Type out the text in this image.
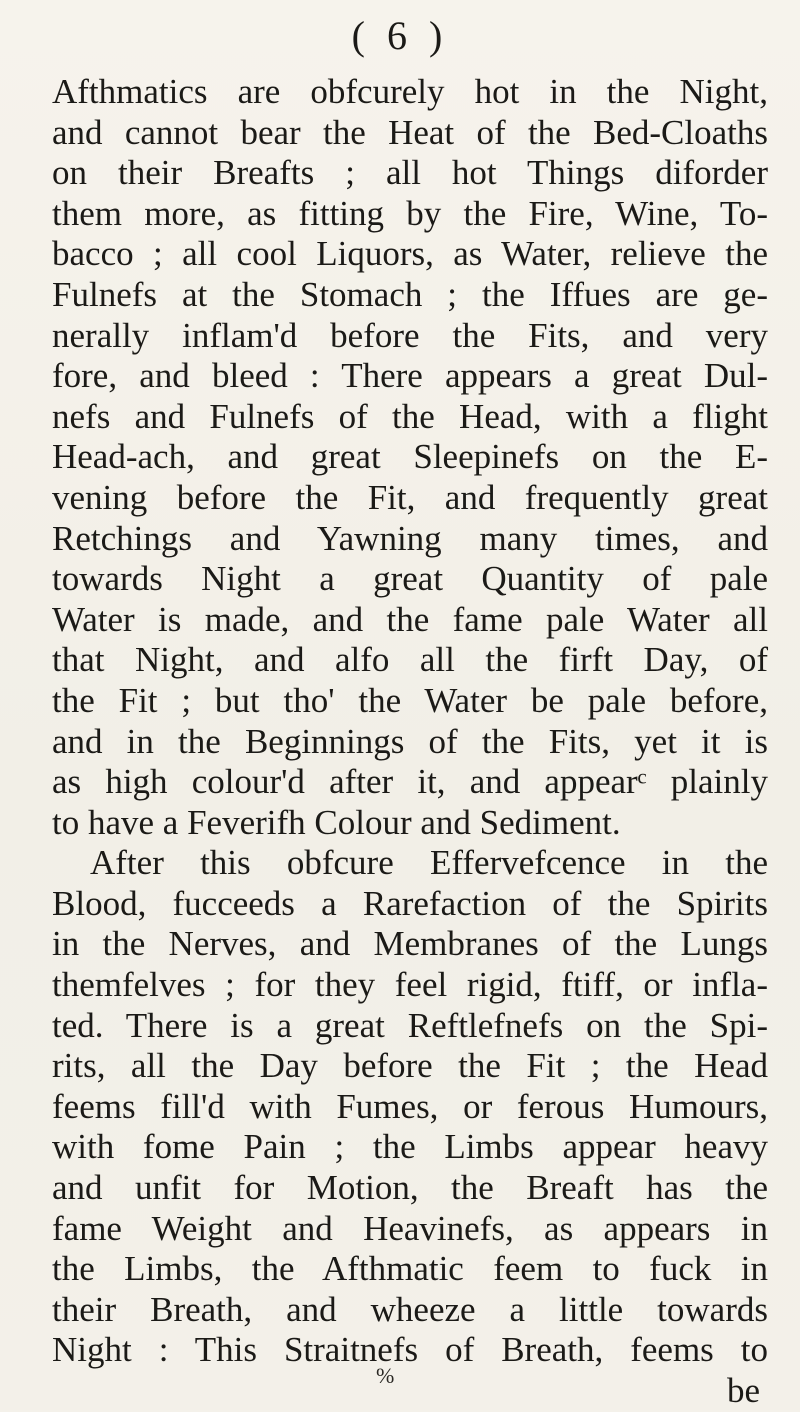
( 6 )
Afthmatics are obfcurely hot in the Night,
and cannot bear the Heat of the Bed-Cloaths
on their Breafts ; all hot Things diforder
them more, as fitting by the Fire, Wine, To-
bacco ; all cool Liquors, as Water, relieve the
Fulnefs at the Stomach ; the Iffues are ge-
nerally inflam'd before the Fits, and very
fore, and bleed : There appears a great Dul-
nefs and Fulnefs of the Head, with a flight
Head-ach, and great Sleepinefs on the E-
vening before the Fit, and frequently great
Retchings and Yawning many times, and
towards Night a great Quantity of pale
Water is made, and the fame pale Water all
that Night, and alfo all the firft Day, of
the Fit ; but tho' the Water be pale before,
and in the Beginnings of the Fits, yet it is
as high colour'd after it, and appearᶜ plainly
to have a Feverifh Colour and Sediment.
After this obfcure Effervefcence in the
Blood, fucceeds a Rarefaction of the Spirits
in the Nerves, and Membranes of the Lungs
themfelves ; for they feel rigid, ftiff, or infla-
ted. There is a great Reftlefnefs on the Spi-
rits, all the Day before the Fit ; the Head
feems fill'd with Fumes, or ferous Humours,
with fome Pain ; the Limbs appear heavy
and unfit for Motion, the Breaft has the
fame Weight and Heavinefs, as appears in
the Limbs, the Afthmatic feem to fuck in
their Breath, and wheeze a little towards
Night : This Straitnefs of Breath, feems to
be
%
